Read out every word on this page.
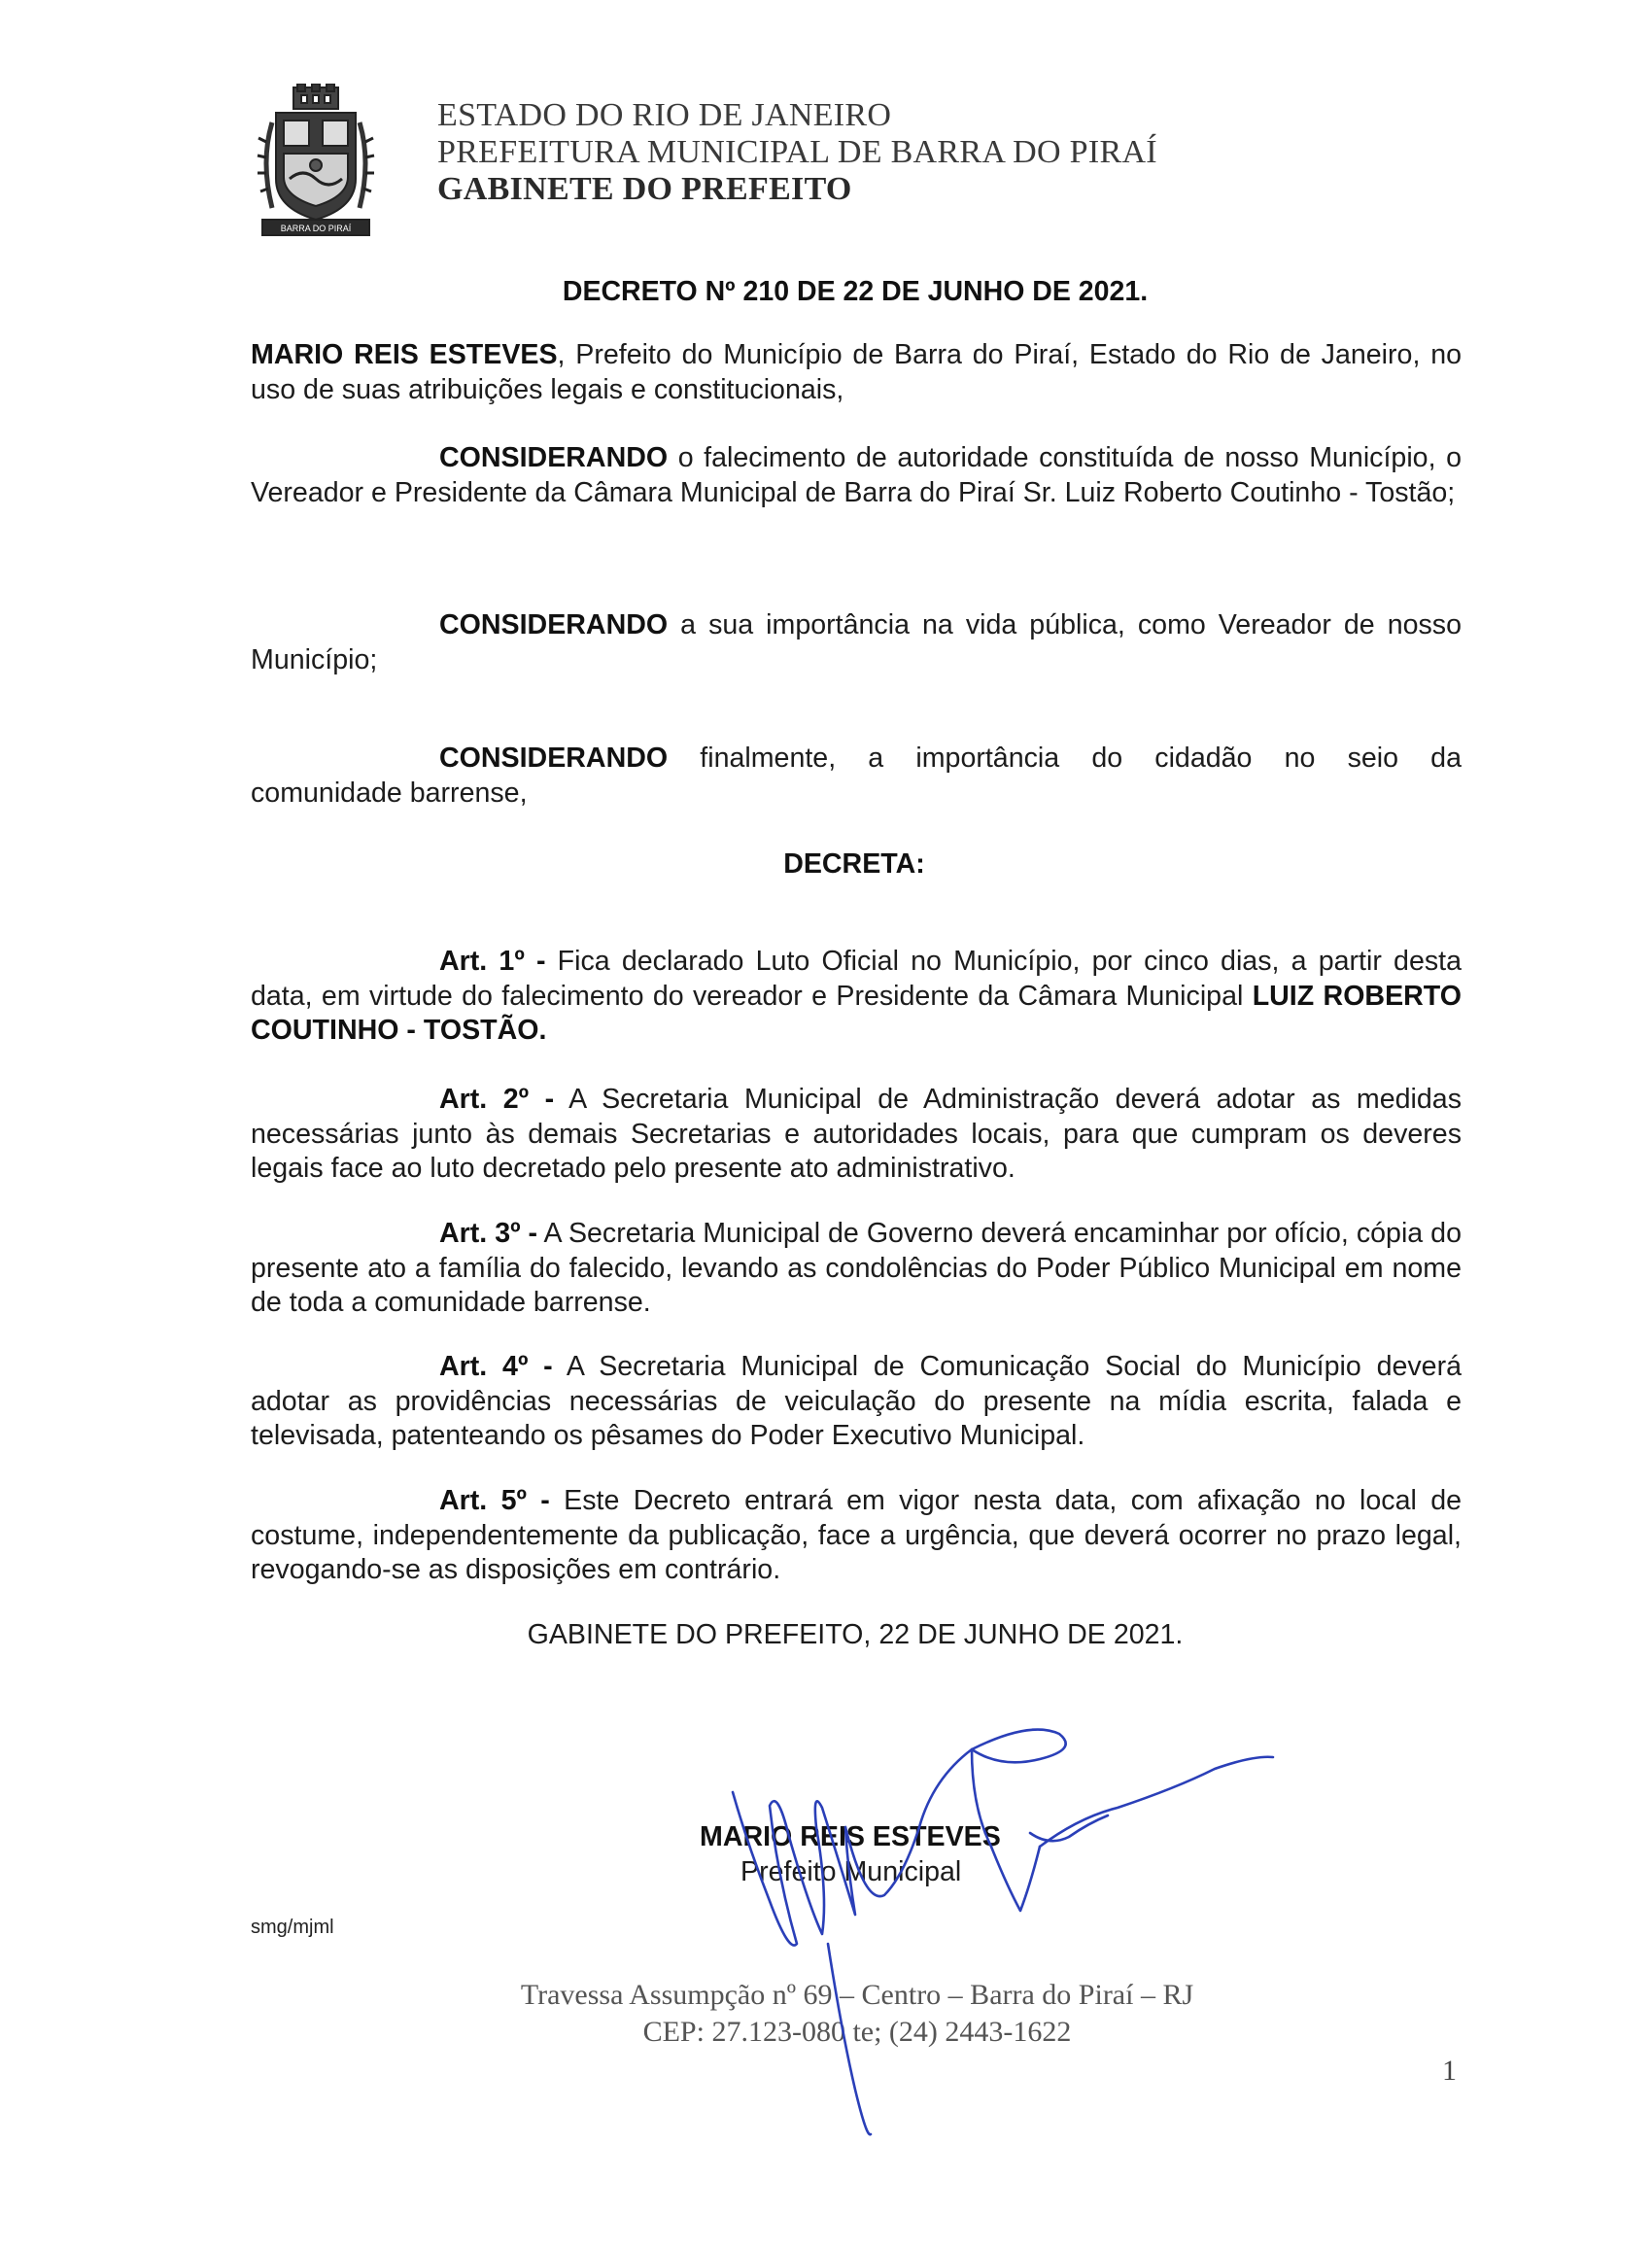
BARRA DO PIRAÍ
ESTADO DO RIO DE JANEIRO
PREFEITURA MUNICIPAL DE BARRA DO PIRAÍ
GABINETE DO PREFEITO
DECRETO Nº 210 DE 22 DE JUNHO DE 2021.
MARIO REIS ESTEVES, Prefeito do Município de Barra do Piraí, Estado do Rio de Janeiro, no uso de suas atribuições legais e constitucionais,
CONSIDERANDO o falecimento de autoridade constituída de nosso Município, o Vereador e Presidente da Câmara Municipal de Barra do Piraí Sr. Luiz Roberto Coutinho - Tostão;
CONSIDERANDO a sua importância na vida pública, como Vereador de nosso Município;
CONSIDERANDO finalmente, a importância do cidadão no seio da
comunidade barrense,
DECRETA:
Art. 1º - Fica declarado Luto Oficial no Município, por cinco dias, a partir desta data, em virtude do falecimento do vereador e Presidente da Câmara Municipal LUIZ ROBERTO COUTINHO - TOSTÃO.
Art. 2º - A Secretaria Municipal de Administração deverá adotar as medidas necessárias junto às demais Secretarias e autoridades locais, para que cumpram os deveres legais face ao luto decretado pelo presente ato administrativo.
Art. 3º - A Secretaria Municipal de Governo deverá encaminhar por ofício, cópia do presente ato a família do falecido, levando as condolências do Poder Público Municipal em nome de toda a comunidade barrense.
Art. 4º - A Secretaria Municipal de Comunicação Social do Município deverá adotar as providências necessárias de veiculação do presente na mídia escrita, falada e televisada, patenteando os pêsames do Poder Executivo Municipal.
Art. 5º - Este Decreto entrará em vigor nesta data, com afixação no local de costume, independentemente da publicação, face a urgência, que deverá ocorrer no prazo legal, revogando-se as disposições em contrário.
GABINETE DO PREFEITO, 22 DE JUNHO DE 2021.
MARIO REIS ESTEVES
Prefeito Municipal
smg/mjml
Travessa Assumpção nº 69 – Centro – Barra do Piraí – RJ
CEP: 27.123-080 te; (24) 2443-1622
1
